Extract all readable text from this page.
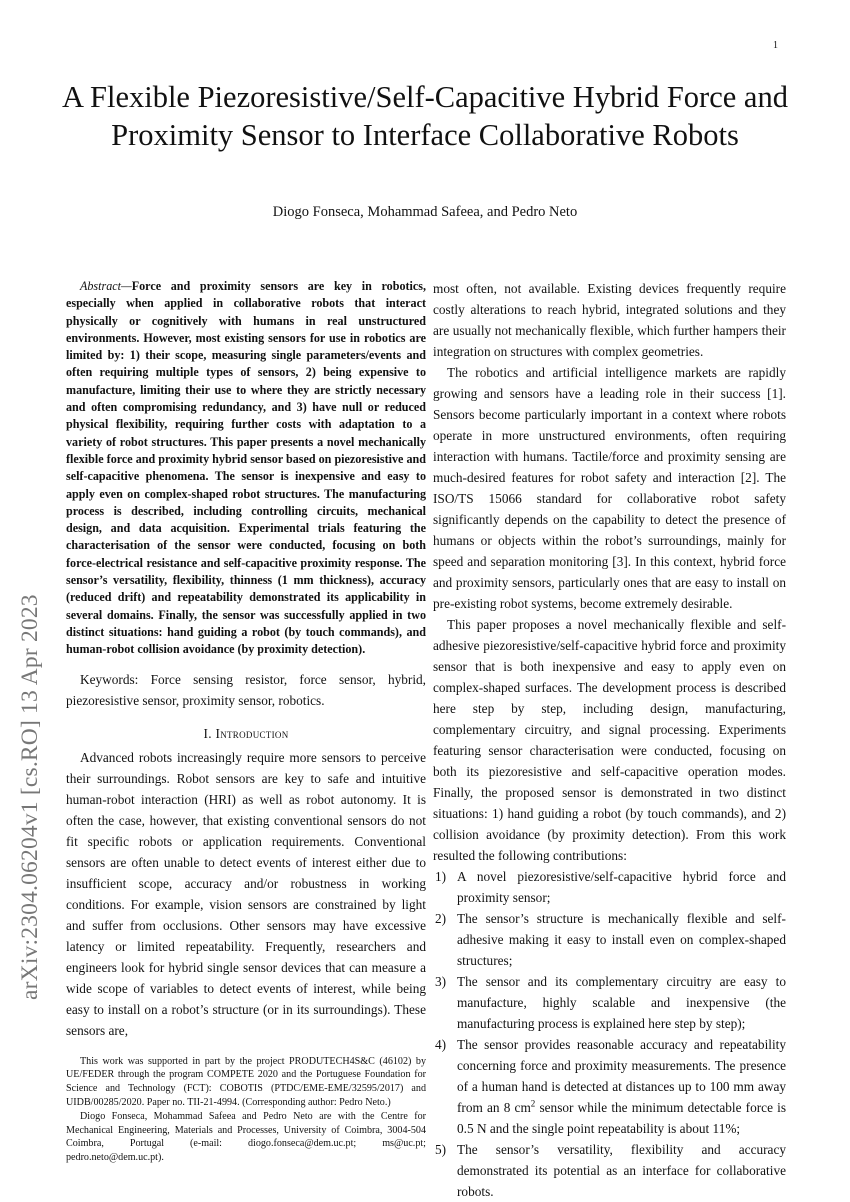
1
arXiv:2304.06204v1 [cs.RO] 13 Apr 2023
A Flexible Piezoresistive/Self-Capacitive Hybrid Force and Proximity Sensor to Interface Collaborative Robots
Diogo Fonseca, Mohammad Safeea, and Pedro Neto

Abstract—Force and proximity sensors are key in robotics, especially when applied in collaborative robots that interact physically or cognitively with humans in real unstructured environments. However, most existing sensors for use in robotics are limited by: 1) their scope, measuring single parameters/events and often requiring multiple types of sensors, 2) being expensive to manufacture, limiting their use to where they are strictly necessary and often compromising redundancy, and 3) have null or reduced physical flexibility, requiring further costs with adaptation to a variety of robot structures. This paper presents a novel mechanically flexible force and proximity hybrid sensor based on piezoresistive and self-capacitive phenomena. The sensor is inexpensive and easy to apply even on complex-shaped robot structures. The manufacturing process is described, including controlling circuits, mechanical design, and data acquisition. Experimental trials featuring the characterisation of the sensor were conducted, focusing on both force-electrical resistance and self-capacitive proximity response. The sensor’s versatility, flexibility, thinness (1 mm thickness), accuracy (reduced drift) and repeatability demonstrated its applicability in several domains. Finally, the sensor was successfully applied in two distinct situations: hand guiding a robot (by touch commands), and human-robot collision avoidance (by proximity detection).

Keywords: Force sensing resistor, force sensor, hybrid, piezoresistive sensor, proximity sensor, robotics.

I. Introduction

Advanced robots increasingly require more sensors to perceive their surroundings. Robot sensors are key to safe and intuitive human-robot interaction (HRI) as well as robot autonomy. It is often the case, however, that existing conventional sensors do not fit specific robots or application requirements. Conventional sensors are often unable to detect events of interest either due to insufficient scope, accuracy and/or robustness in working conditions. For example, vision sensors are constrained by light and suffer from occlusions. Other sensors may have excessive latency or limited repeatability. Frequently, researchers and engineers look for hybrid single sensor devices that can measure a wide scope of variables to detect events of interest, while being easy to install on a robot’s structure (or in its surroundings). These sensors are,

This work was supported in part by the project PRODUTECH4S&C (46102) by UE/FEDER through the program COMPETE 2020 and the Portuguese Foundation for Science and Technology (FCT): COBOTIS (PTDC/EME-EME/32595/2017) and UIDB/00285/2020. Paper no. TII-21-4994. (Corresponding author: Pedro Neto.)

Diogo Fonseca, Mohammad Safeea and Pedro Neto are with the Centre for Mechanical Engineering, Materials and Processes, University of Coimbra, 3004-504 Coimbra, Portugal (e-mail: diogo.fonseca@dem.uc.pt; ms@uc.pt; pedro.neto@dem.uc.pt).

most often, not available. Existing devices frequently require costly alterations to reach hybrid, integrated solutions and they are usually not mechanically flexible, which further hampers their integration on structures with complex geometries.

The robotics and artificial intelligence markets are rapidly growing and sensors have a leading role in their success [1]. Sensors become particularly important in a context where robots operate in more unstructured environments, often requiring interaction with humans. Tactile/force and proximity sensing are much-desired features for robot safety and interaction [2]. The ISO/TS 15066 standard for collaborative robot safety significantly depends on the capability to detect the presence of humans or objects within the robot’s surroundings, mainly for speed and separation monitoring [3]. In this context, hybrid force and proximity sensors, particularly ones that are easy to install on pre-existing robot systems, become extremely desirable.

This paper proposes a novel mechanically flexible and self-adhesive piezoresistive/self-capacitive hybrid force and proximity sensor that is both inexpensive and easy to apply even on complex-shaped surfaces. The development process is described here step by step, including design, manufacturing, complementary circuitry, and signal processing. Experiments featuring sensor characterisation were conducted, focusing on both its piezoresistive and self-capacitive operation modes. Finally, the proposed sensor is demonstrated in two distinct situations: 1) hand guiding a robot (by touch commands), and 2) collision avoidance (by proximity detection). From this work resulted the following contributions:

1) A novel piezoresistive/self-capacitive hybrid force and proximity sensor;
2) The sensor’s structure is mechanically flexible and self-adhesive making it easy to install even on complex-shaped structures;
3) The sensor and its complementary circuitry are easy to manufacture, highly scalable and inexpensive (the manufacturing process is explained here step by step);
4) The sensor provides reasonable accuracy and repeatability concerning force and proximity measurements. The presence of a human hand is detected at distances up to 100 mm away from an 8 $cm^2$ sensor while the minimum detectable force is 0.5 N and the single point repeatability is about 11%;
5) The sensor’s versatility, flexibility and accuracy demonstrated its potential as an interface for collaborative robots.
